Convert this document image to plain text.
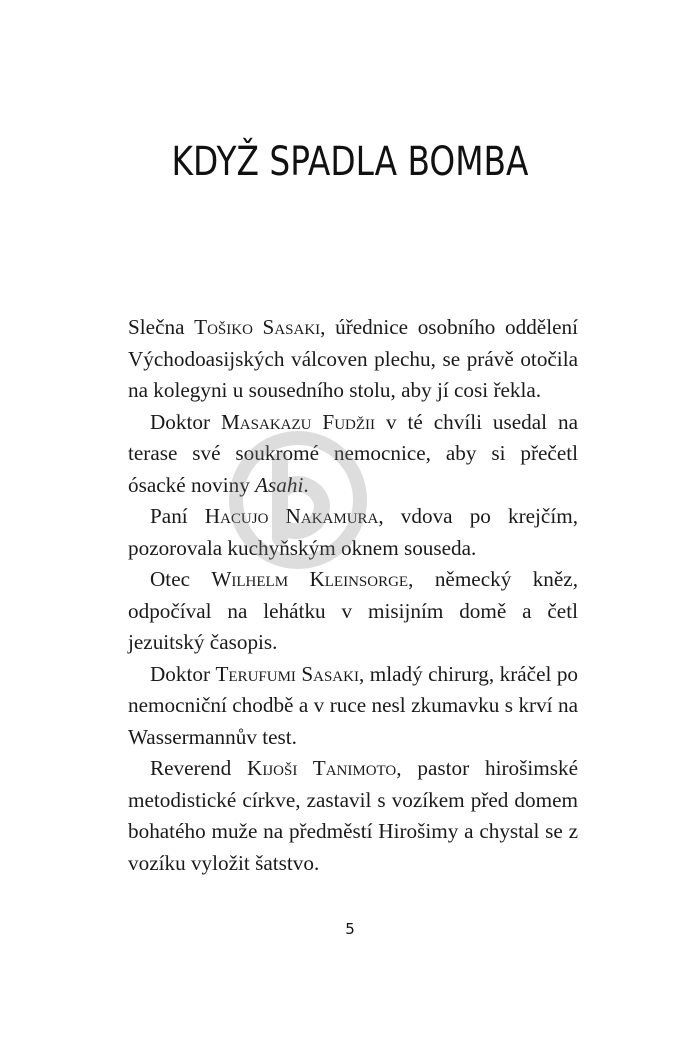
KDYŽ SPADLA BOMBA

Slečna Tošiko Sasaki, úřednice osobního oddělení Východoasijských válcoven plechu, se právě otočila na kolegyni u sousedního stolu, aby jí cosi řekla.

Doktor Masakazu Fudžii v té chvíli usedal na terase své soukromé nemocnice, aby si přečetl ósacké noviny Asahi.

Paní Hacujo Nakamura, vdova po krejčím, pozorovala kuchyňským oknem souseda.

Otec Wilhelm Kleinsorge, německý kněz, odpočíval na lehátku v misijním domě a četl jezuitský časopis.

Doktor Terufumi Sasaki, mladý chirurg, kráčel po nemocniční chodbě a v ruce nesl zkumavku s krví na Wassermannův test.

Reverend Kijoši Tanimoto, pastor hirošimské metodistické církve, zastavil s vozíkem před domem bohatého muže na předměstí Hirošimy a chystal se z vozíku vyložit šatstvo.

5
